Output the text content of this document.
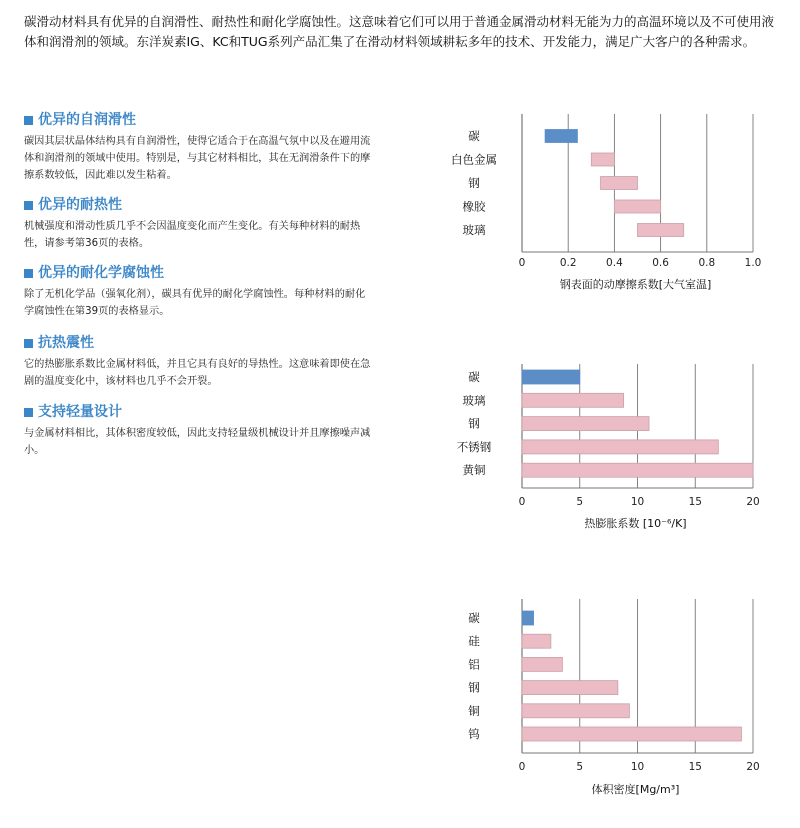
碳滑动材料具有优异的自润滑性、耐热性和耐化学腐蚀性。这意味着它们可以用于普通金属滑动材料无能为力的高温环境以及不可使用液体和润滑剂的领域。东洋炭素IG、KC和TUG系列产品汇集了在滑动材料领域耕耘多年的技术、开发能力，满足广大客户的各种需求。
优异的自润滑性
碳因其层状晶体结构具有自润滑性，使得它适合于在高温气氛中以及在避用流体和润滑剂的领域中使用。特别是，与其它材料相比，其在无润滑条件下的摩擦系数较低，因此难以发生粘着。
优异的耐热性
机械强度和滑动性质几乎不会因温度变化而产生变化。有关每种材料的耐热性，请参考第36页的表格。
优异的耐化学腐蚀性
除了无机化学品（强氧化剂），碳具有优异的耐化学腐蚀性。每种材料的耐化学腐蚀性在第39页的表格显示。
抗热震性
它的热膨胀系数比金属材料低，并且它具有良好的导热性。这意味着即使在急剧的温度变化中，该材料也几乎不会开裂。
支持轻量设计
与金属材料相比，其体积密度较低，因此支持轻量级机械设计并且摩擦噪声减小。
0	0.2	0.4	0.6	0.8	1.0
碳
白色金属
钢
橡胶
玻璃
钢表面的动摩擦系数[大气室温]
0	5	10	15	20
碳
玻璃
钢
不锈钢
黄铜
热膨胀系数 [10⁻⁶/K]
0	5	10	15	20
碳
硅
铝
钢
铜
钨
体积密度[Mg/m³]
